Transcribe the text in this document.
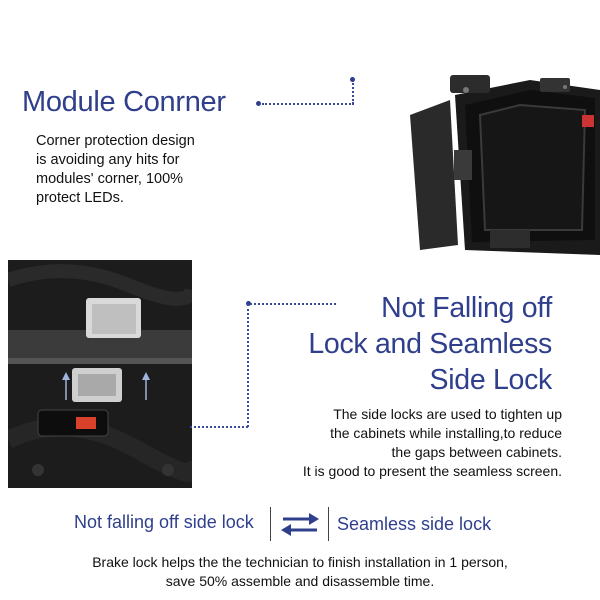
Module Conrner
Corner protection design
is avoiding any hits for
modules' corner, 100%
protect LEDs.
Not Falling off
Lock and Seamless
Side Lock
The side locks are used to tighten up
the cabinets while installing,to reduce
the gaps between cabinets.
It is good to present the seamless screen.
Not falling off side lock	Seamless side lock
Brake lock helps the the technician to finish installation in 1 person,
save 50% assemble and disassemble time.
